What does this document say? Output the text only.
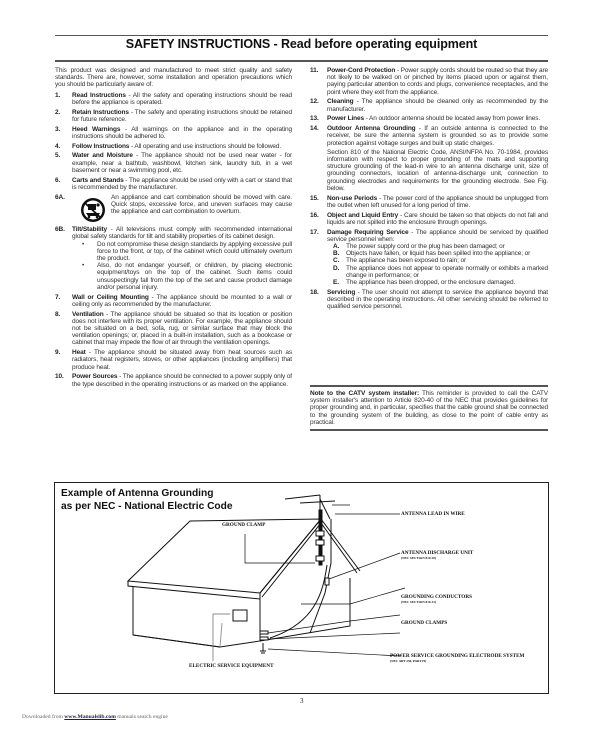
SAFETY INSTRUCTIONS - Read before operating equipment

This product was designed and manufactured to meet strict quality and safety standards. There are, however, some installation and operation precautions which you should be particularly aware of.

1. Read Instructions - All the safety and operating instructions should be read before the appliance is operated.
2. Retain Instructions - The safety and operating instructions should be retained for future reference.
3. Heed Warnings - All warnings on the appliance and in the operating instructions should be adhered to.
4. Follow Instructions - All operating and use instructions should be followed.
5. Water and Moisture - The appliance should not be used near water - for example, near a bathtub, washbowl, kitchen sink, laundry tub, in a wet basement or near a swimming pool, etc.
6. Carts and Stands - The appliance should be used only with a cart or stand that is recommended by the manufacturer.
6A.	An appliance and cart combination should be moved with care. Quick stops, excessive force, and uneven surfaces may cause the appliance and cart combination to overturn.
6B. Tilt/Stability - All televisions must comply with recommended international global safety standards for tilt and stability properties of its cabinet design.
• Do not compromise these design standards by applying excessive pull force to the front, or top, of the cabinet which could ultimately overturn the product.
• Also, do not endanger yourself, or children, by placing electronic equipment/toys on the top of the cabinet. Such items could unsuspectingly fall from the top of the set and cause product damage and/or personal injury.
7. Wall or Ceiling Mounting - The appliance should be mounted to a wall or ceiling only as recommended by the manufacturer.
8. Ventilation - The appliance should be situated so that its location or position does not interfere with its proper ventilation. For example, the appliance should not be situated on a bed, sofa, rug, or similar surface that may block the ventilation openings; or, placed in a built-in installation, such as a bookcase or cabinet that may impede the flow of air through the ventilation openings.
9. Heat - The appliance should be situated away from heat sources such as radiators, heat registers, stoves, or other appliances (including amplifiers) that produce heat.
10. Power Sources - The appliance should be connected to a power supply only of the type described in the operating instructions or as marked on the appliance.
11. Power-Cord Protection - Power supply cords should be routed so that they are not likely to be walked on or pinched by items placed upon or against them, paying particular attention to cords and plugs, convenience receptacles, and the point where they exit from the appliance.
12. Cleaning - The appliance should be cleaned only as recommended by the manufacturer.
13. Power Lines - An outdoor antenna should be located away from power lines.
14. Outdoor Antenna Grounding - If an outside antenna is connected to the receiver, be sure the antenna system is grounded so as to provide some protection against voltage surges and built up static charges.
Section 810 of the National Electric Code, ANSI/NFPA No. 70-1984, provides information with respect to proper grounding of the mats and supporting structure grounding of the lead-in wire to an antenna discharge unit, size of grounding connectors, location of antenna-discharge unit, connection to grounding electrodes and requirements for the grounding electrode. See Fig. below.
15. Non-use Periods - The power cord of the appliance should be unplugged from the outlet when left unused for a long period of time.
16. Object and Liquid Entry - Care should be taken so that objects do not fall and liquids are not spilled into the enclosure through openings.
17. Damage Requiring Service - The appliance should be serviced by qualified service personnel when:
A. The power supply cord or the plug has been damaged; or
B. Objects have fallen, or liquid has been spilled into the appliance; or
C. The appliance has been exposed to rain; or
D. The appliance does not appear to operate normally or exhibits a marked change in performance; or
E. The appliance has been dropped, or the enclosure damaged.
18. Servicing - The user should not attempt to service the appliance beyond that described in the operating instructions. All other servicing should be referred to qualified service personnel.
Note to the CATV system installer: This reminder is provided to call the CATV system installer's attention to Article 820-40 of the NEC that provides guidelines for proper grounding and, in particular, specifies that the cable ground shall be connected to the grounding system of the building, as close to the point of cable entry as practical.
Example of Antenna Grounding
as per NEC - National Electric Code
GROUND CLAMP
ANTENNA LEAD IN WIRE
ANTENNA DISCHARGE UNIT
(NEC SECTION 810-20)
GROUNDING CONDUCTORS
(NEC SECTION 810-21)
GROUND CLAMPS
POWER SERVICE GROUNDING ELECTRODE SYSTEM
(NEC ART 250, PART H)
ELECTRIC SERVICE EQUIPMENT
3
Downloaded from www.Manualslib.com manuals search engine
